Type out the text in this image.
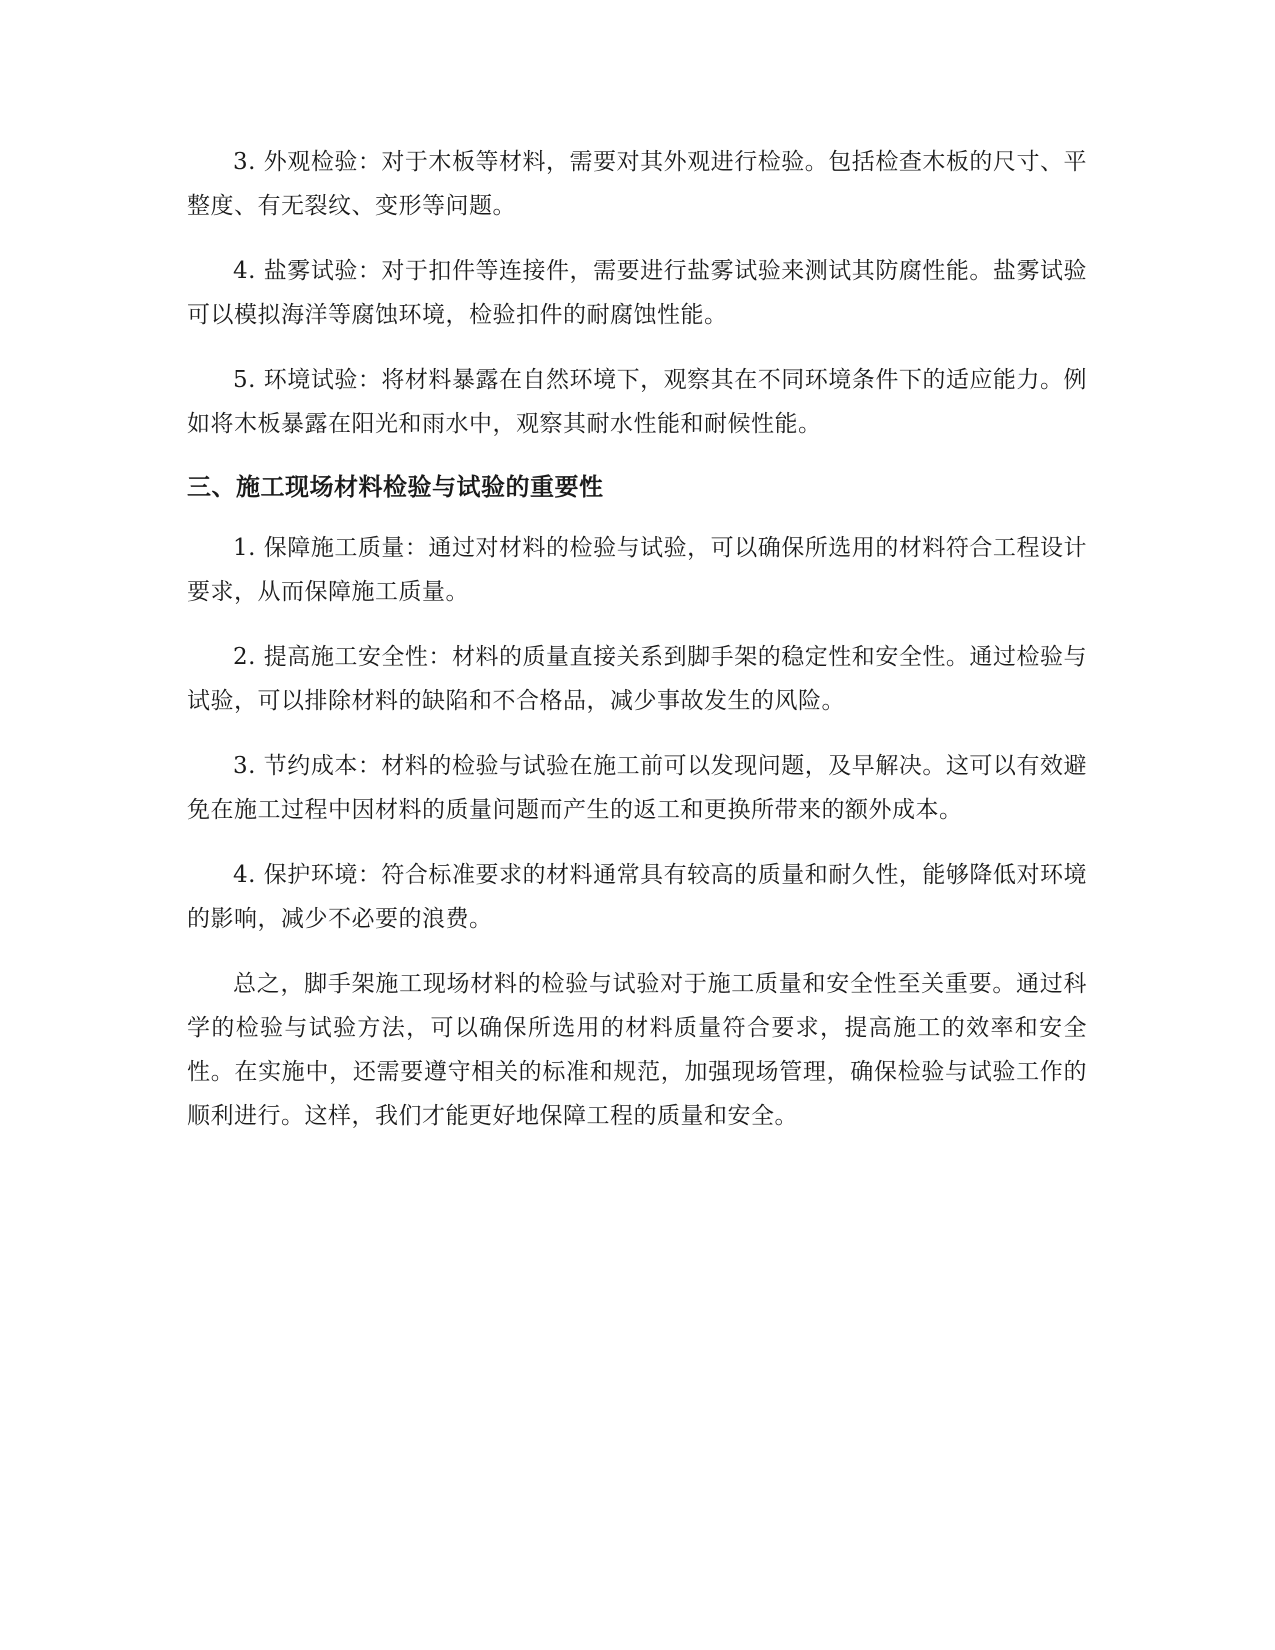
3. 外观检验：对于木板等材料，需要对其外观进行检验。包括检查木板的尺寸、平整度、有无裂纹、变形等问题。

4. 盐雾试验：对于扣件等连接件，需要进行盐雾试验来测试其防腐性能。盐雾试验可以模拟海洋等腐蚀环境，检验扣件的耐腐蚀性能。

5. 环境试验：将材料暴露在自然环境下，观察其在不同环境条件下的适应能力。例如将木板暴露在阳光和雨水中，观察其耐水性能和耐候性能。

三、施工现场材料检验与试验的重要性

1. 保障施工质量：通过对材料的检验与试验，可以确保所选用的材料符合工程设计要求，从而保障施工质量。

2. 提高施工安全性：材料的质量直接关系到脚手架的稳定性和安全性。通过检验与试验，可以排除材料的缺陷和不合格品，减少事故发生的风险。

3. 节约成本：材料的检验与试验在施工前可以发现问题，及早解决。这可以有效避免在施工过程中因材料的质量问题而产生的返工和更换所带来的额外成本。

4. 保护环境：符合标准要求的材料通常具有较高的质量和耐久性，能够降低对环境的影响，减少不必要的浪费。

总之，脚手架施工现场材料的检验与试验对于施工质量和安全性至关重要。通过科学的检验与试验方法，可以确保所选用的材料质量符合要求，提高施工的效率和安全性。在实施中，还需要遵守相关的标准和规范，加强现场管理，确保检验与试验工作的顺利进行。这样，我们才能更好地保障工程的质量和安全。
